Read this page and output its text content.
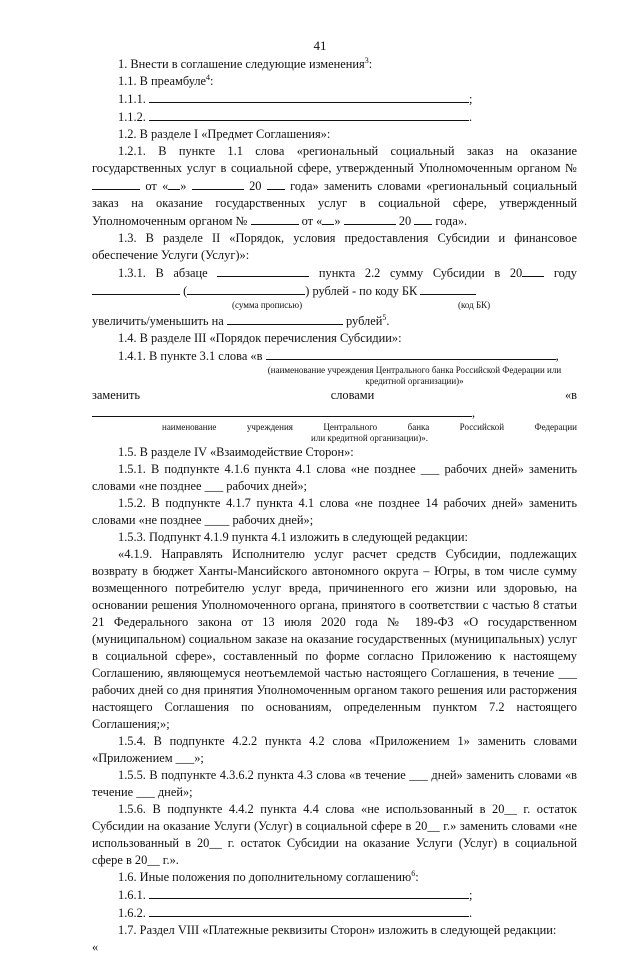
41

1. Внести в соглашение следующие изменения$^3$:

1.1. В преамбуле$^4$:

1.1.1.	;

1.1.2.	.

1.2. В разделе I «Предмет Соглашения»:

1.2.1. В пункте 1.1 слова «региональный социальный заказ на оказание государственных услуг в социальной сфере, утвержденный Уполномоченным органом №  от « »	20 года» заменить словами «региональный социальный заказ на оказание государственных услуг в социальной сфере, утвержденный Уполномоченным органом №	от « »	20 года».

1.3. В разделе II «Порядок, условия предоставления Субсидии и финансовое обеспечение Услуги (Услуг)»:

1.3.1. В абзаце	пункта 2.2 сумму Субсидии в 20	году (	) рублей - по коду БК

(сумма прописью)	(код БК)

увеличить/уменьшить на	рублей$^5$.

1.4. В разделе III «Порядок перечисления Субсидии»:

1.4.1. В пункте 3.1 слова «в	,

(наименование учреждения Центрального банка Российской Федерации или кредитной организации)»

заменить словами «в ,

наименование учреждения Центрального банка Российской Федерации

или кредитной организации)».

1.5. В разделе IV «Взаимодействие Сторон»:

1.5.1. В подпункте 4.1.6 пункта 4.1 слова «не позднее ___ рабочих дней» заменить словами «не позднее ___ рабочих дней»;

1.5.2. В подпункте 4.1.7 пункта 4.1 слова «не позднее 14 рабочих дней» заменить словами «не позднее ____ рабочих дней»;

1.5.3. Подпункт 4.1.9 пункта 4.1 изложить в следующей редакции:

«4.1.9. Направлять Исполнителю услуг расчет средств Субсидии, подлежащих возврату в бюджет Ханты-Мансийского автономного округа – Югры, в том числе сумму возмещенного потребителю услуг вреда, причиненного его жизни или здоровью, на основании решения Уполномоченного органа, принятого в соответствии с частью 8 статьи 21 Федерального закона от 13 июля 2020 года № 189-ФЗ «О государственном (муниципальном) социальном заказе на оказание государственных (муниципальных) услуг в социальной сфере», составленный по форме согласно Приложению к настоящему Соглашению, являющемуся неотъемлемой частью настоящего Соглашения, в течение ___ рабочих дней со дня принятия Уполномоченным органом такого решения или расторжения настоящего Соглашения по основаниям, определенным пунктом 7.2 настоящего Соглашения;»;

1.5.4. В подпункте 4.2.2 пункта 4.2 слова «Приложением 1» заменить словами «Приложением ___»;

1.5.5. В подпункте 4.3.6.2 пункта 4.3 слова «в течение ___ дней» заменить словами «в течение ___ дней»;

1.5.6. В подпункте 4.4.2 пункта 4.4 слова «не использованный в 20__ г. остаток Субсидии на оказание Услуги (Услуг) в социальной сфере в 20__ г.» заменить словами «не использованный в 20__ г. остаток Субсидии на оказание Услуги (Услуг) в социальной сфере в 20__ г.».

1.6. Иные положения по дополнительному соглашению$^6$:

1.6.1.	;

1.6.2.	.

1.7. Раздел VIII «Платежные реквизиты Сторон» изложить в следующей редакции:

«
